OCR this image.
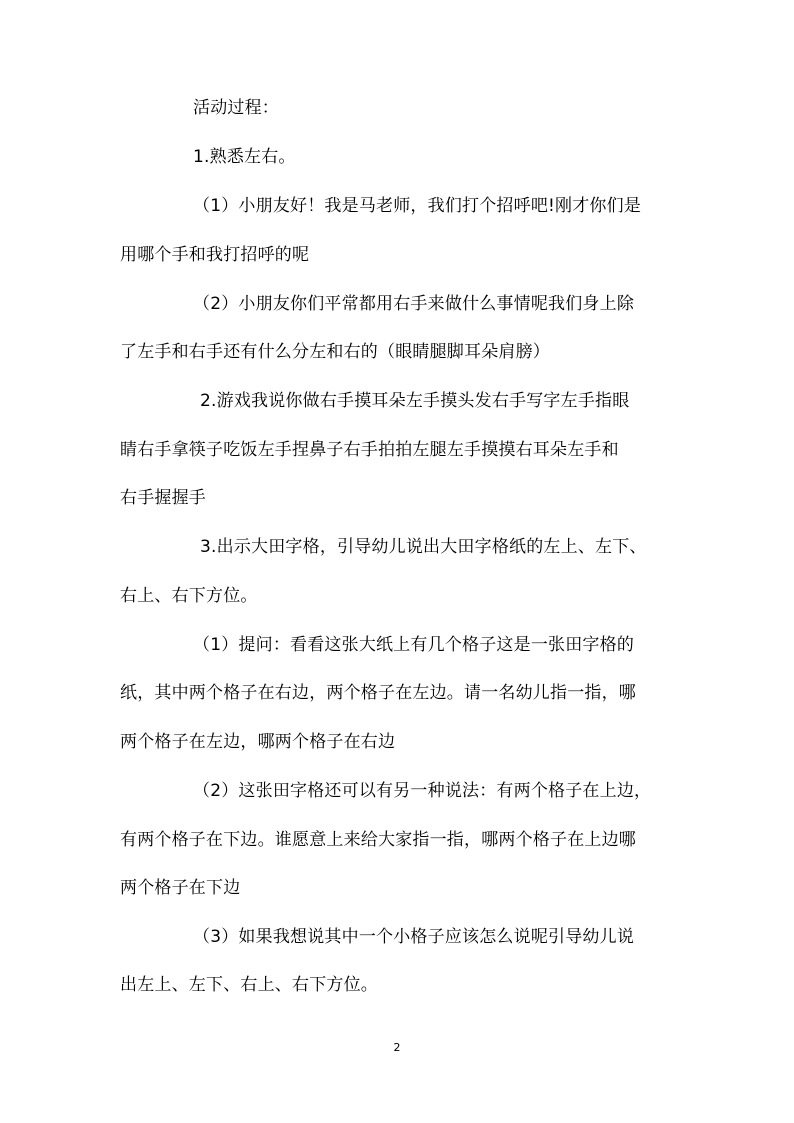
活动过程：
1.熟悉左右。
（1）小朋友好！我是马老师，我们打个招呼吧!刚才你们是
用哪个手和我打招呼的呢
（2）小朋友你们平常都用右手来做什么事情呢我们身上除
了左手和右手还有什么分左和右的（眼睛腿脚耳朵肩膀）
2.游戏我说你做右手摸耳朵左手摸头发右手写字左手指眼
睛右手拿筷子吃饭左手捏鼻子右手拍拍左腿左手摸摸右耳朵左手和
右手握握手
3.出示大田字格，引导幼儿说出大田字格纸的左上、左下、
右上、右下方位。
（1）提问：看看这张大纸上有几个格子这是一张田字格的
纸，其中两个格子在右边，两个格子在左边。请一名幼儿指一指，哪
两个格子在左边，哪两个格子在右边
（2）这张田字格还可以有另一种说法：有两个格子在上边，
有两个格子在下边。谁愿意上来给大家指一指，哪两个格子在上边哪
两个格子在下边
（3）如果我想说其中一个小格子应该怎么说呢引导幼儿说
出左上、左下、右上、右下方位。
2
